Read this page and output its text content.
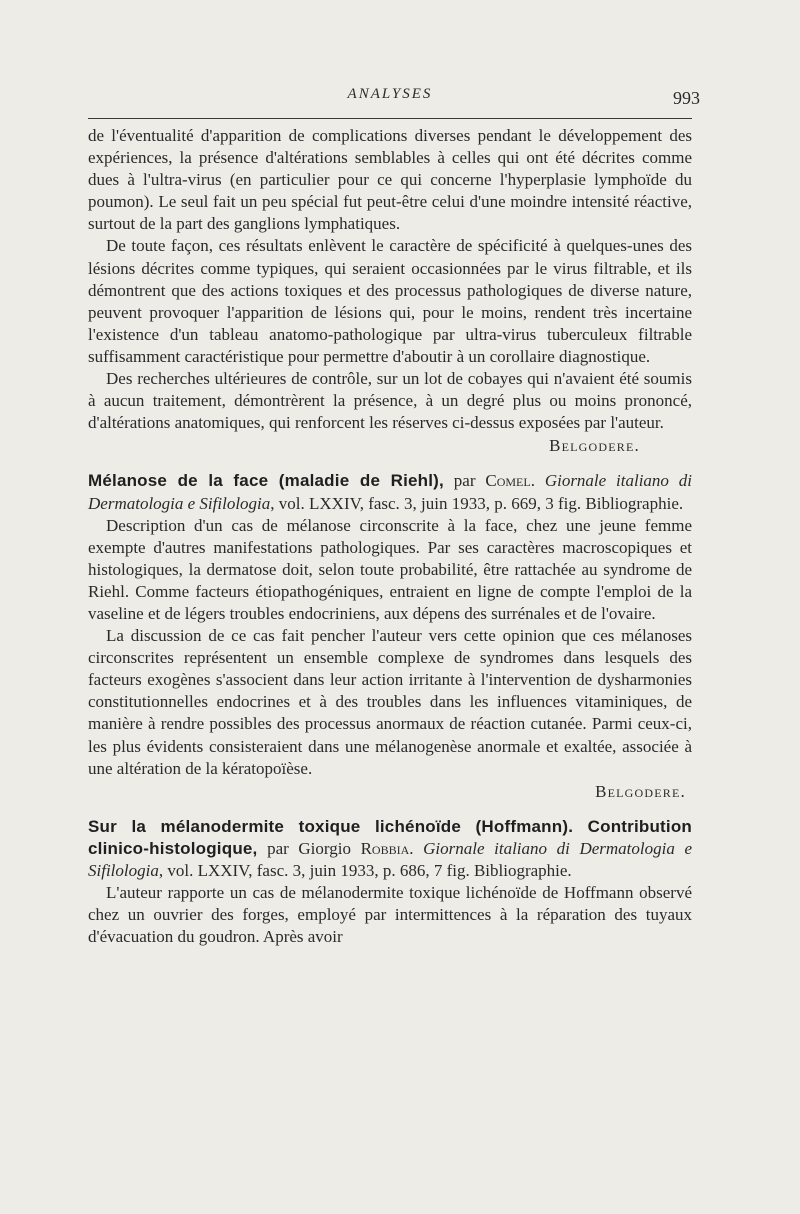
ANALYSES	993

de l'éventualité d'apparition de complications diverses pendant le développement des expériences, la présence d'altérations semblables à celles qui ont été décrites comme dues à l'ultra-virus (en particulier pour ce qui concerne l'hyperplasie lymphoïde du poumon). Le seul fait un peu spécial fut peut-être celui d'une moindre intensité réactive, surtout de la part des ganglions lymphatiques.

De toute façon, ces résultats enlèvent le caractère de spécificité à quelques-unes des lésions décrites comme typiques, qui seraient occasionnées par le virus filtrable, et ils démontrent que des actions toxiques et des processus pathologiques de diverse nature, peuvent provoquer l'apparition de lésions qui, pour le moins, rendent très incertaine l'existence d'un tableau anatomo-pathologique par ultra-virus tuberculeux filtrable suffisamment caractéristique pour permettre d'aboutir à un corollaire diagnostique.

Des recherches ultérieures de contrôle, sur un lot de cobayes qui n'avaient été soumis à aucun traitement, démontrèrent la présence, à un degré plus ou moins prononcé, d'altérations anatomiques, qui renforcent les réserves ci-dessus exposées par l'auteur.

Belgodere.

Mélanose de la face (maladie de Riehl), par Comel. Giornale italiano di Dermatologia e Sifilologia, vol. LXXIV, fasc. 3, juin 1933, p. 669, 3 fig. Bibliographie.

Description d'un cas de mélanose circonscrite à la face, chez une jeune femme exempte d'autres manifestations pathologiques. Par ses caractères macroscopiques et histologiques, la dermatose doit, selon toute probabilité, être rattachée au syndrome de Riehl. Comme facteurs étiopathogéniques, entraient en ligne de compte l'emploi de la vaseline et de légers troubles endocriniens, aux dépens des surrénales et de l'ovaire.

La discussion de ce cas fait pencher l'auteur vers cette opinion que ces mélanoses circonscrites représentent un ensemble complexe de syndromes dans lesquels des facteurs exogènes s'associent dans leur action irritante à l'intervention de dysharmonies constitutionnelles endocrines et à des troubles dans les influences vitaminiques, de manière à rendre possibles des processus anormaux de réaction cutanée. Parmi ceux-ci, les plus évidents consisteraient dans une mélanogenèse anormale et exaltée, associée à une altération de la kératopoïèse.

Belgodere.

Sur la mélanodermite toxique lichénoïde (Hoffmann). Contribution clinico-histologique, par Giorgio Robbia. Giornale italiano di Dermatologia e Sifilologia, vol. LXXIV, fasc. 3, juin 1933, p. 686, 7 fig. Bibliographie.

L'auteur rapporte un cas de mélanodermite toxique lichénoïde de Hoffmann observé chez un ouvrier des forges, employé par intermittences à la réparation des tuyaux d'évacuation du goudron. Après avoir
